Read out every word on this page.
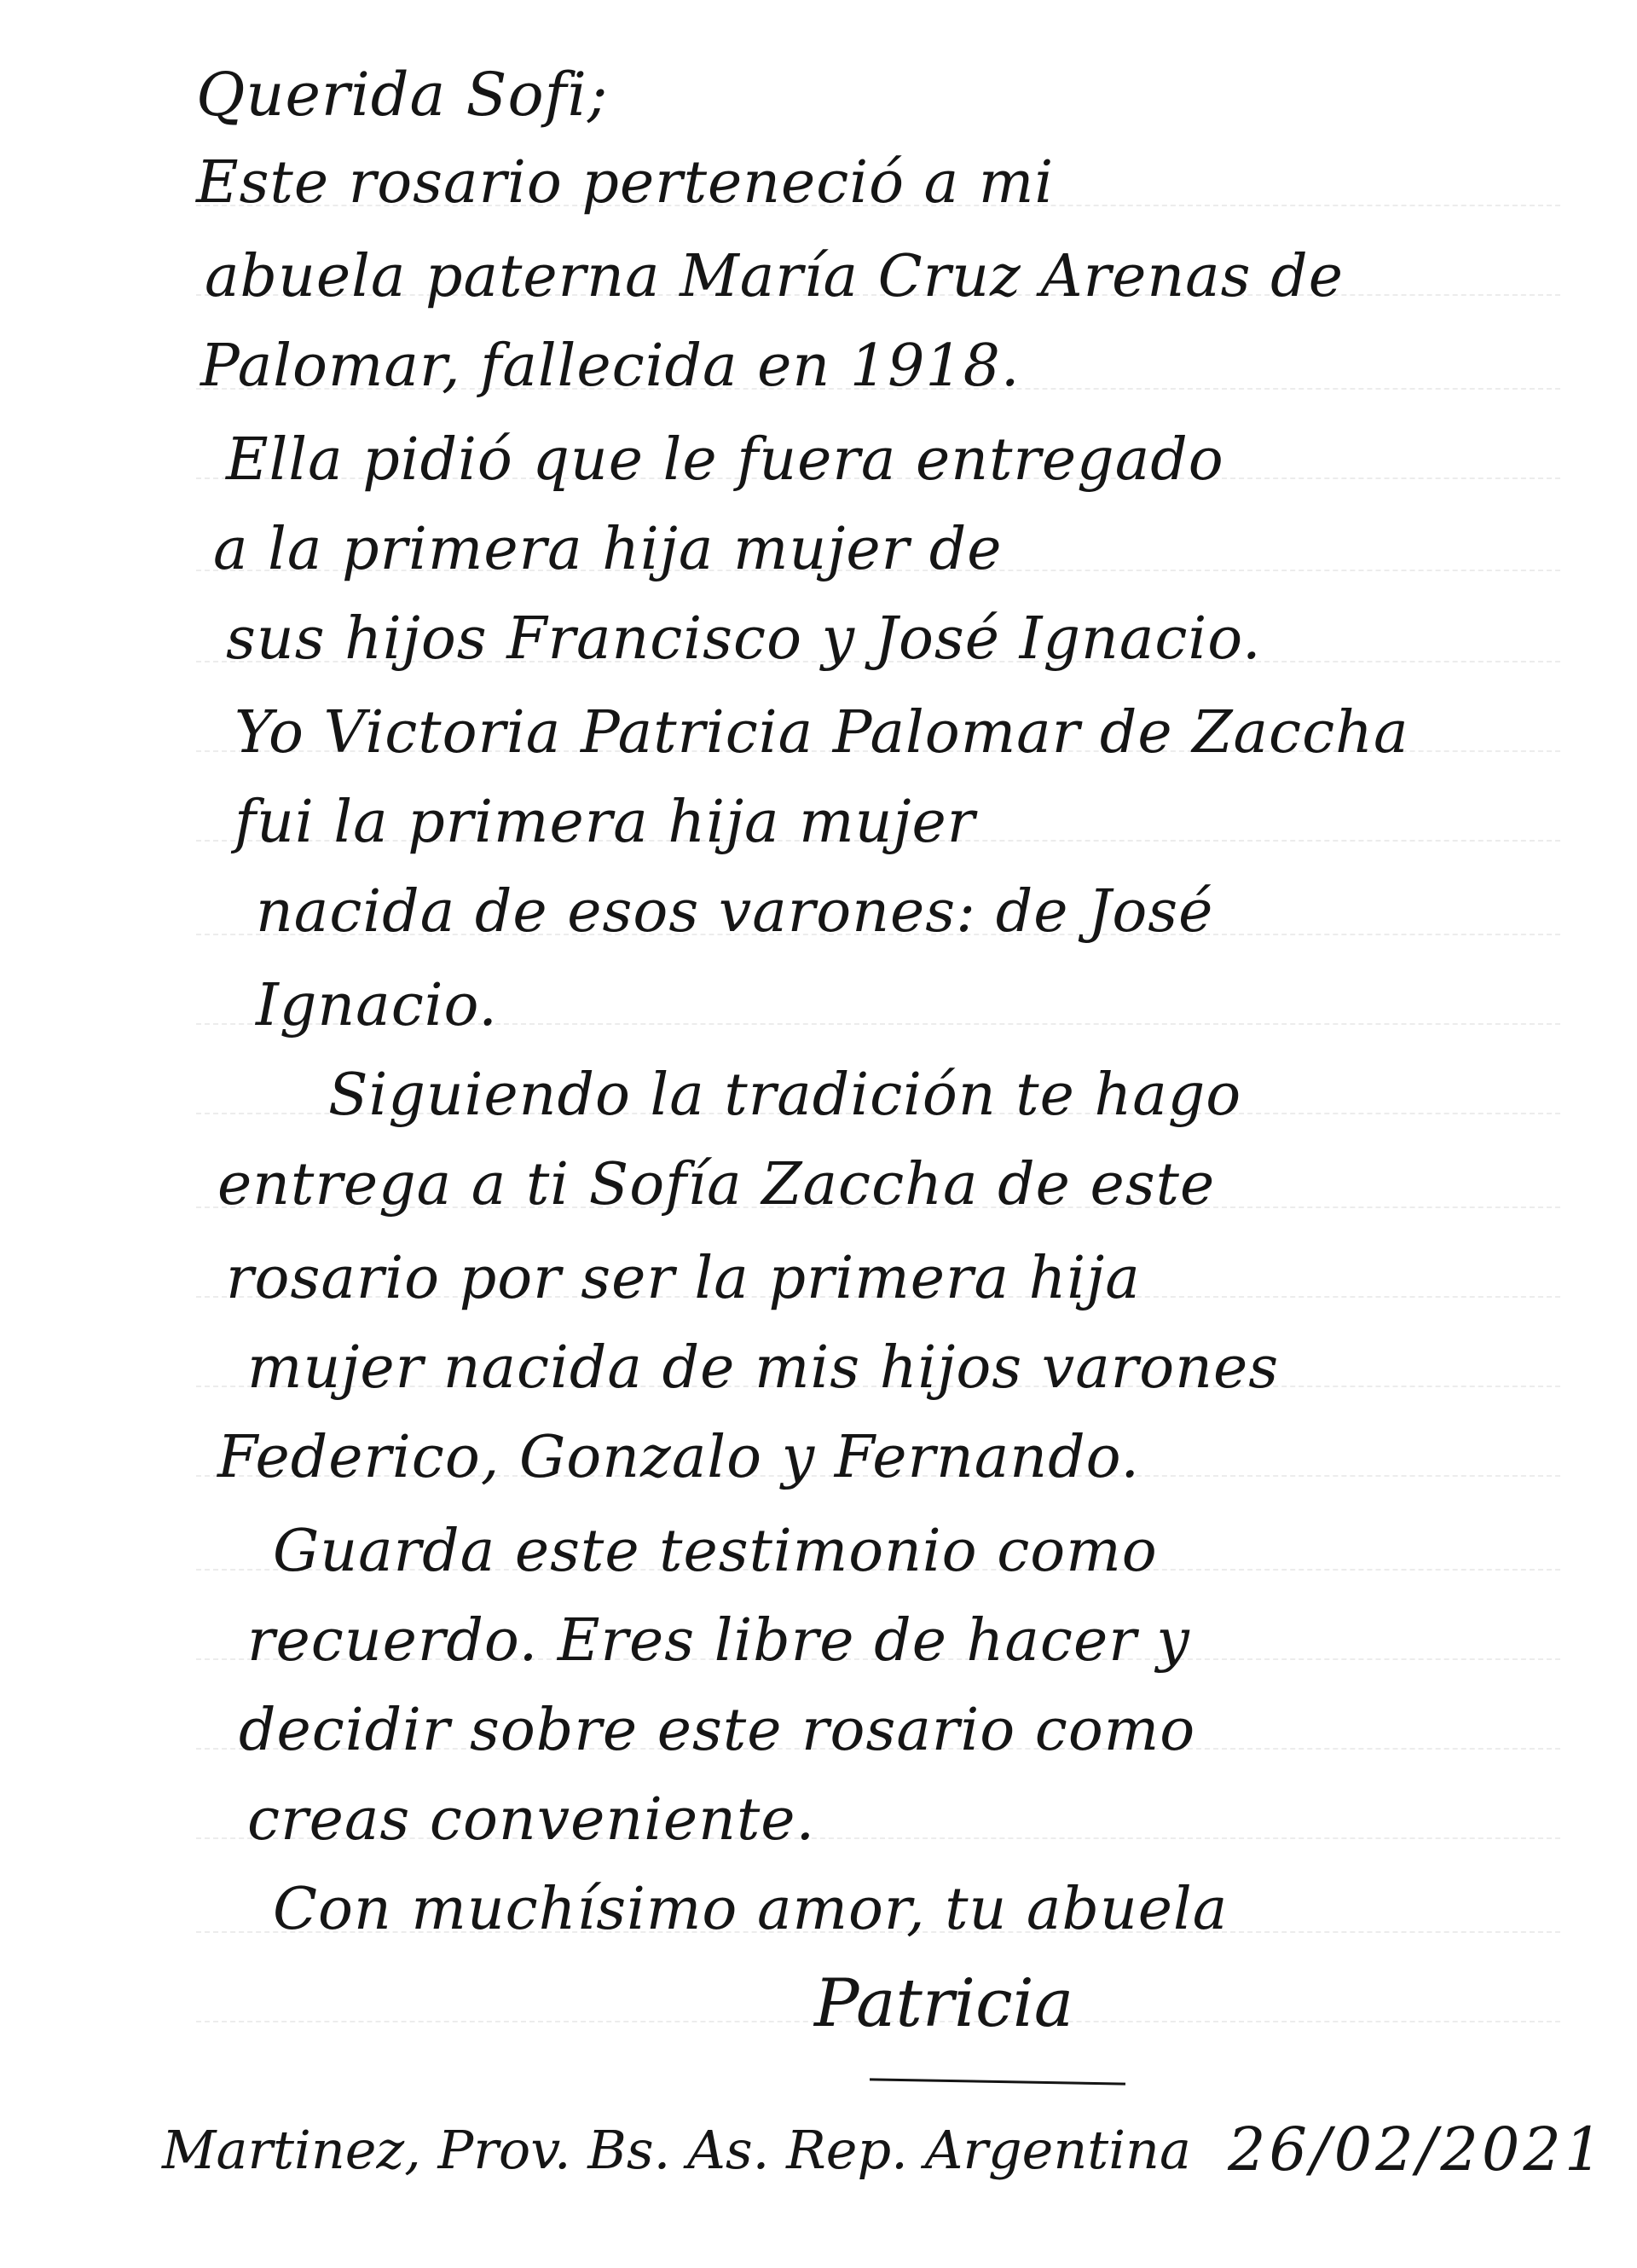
Querida Sofi;
Este rosario perteneció a mi
abuela paterna María Cruz Arenas de
Palomar, fallecida en 1918.
Ella pidió que le fuera entregado
a la primera hija mujer de
sus hijos Francisco y José Ignacio.
Yo Victoria Patricia Palomar de Zaccha
fui la primera hija mujer
nacida de esos varones: de José
Ignacio.
Siguiendo la tradición te hago
entrega a ti Sofía Zaccha de este
rosario por ser la primera hija
mujer nacida de mis hijos varones
Federico, Gonzalo y Fernando.
Guarda este testimonio como
recuerdo. Eres libre de hacer y
decidir sobre este rosario como
creas conveniente.
Con muchísimo amor, tu abuela
Patricia
Martinez, Prov. Bs. As. Rep. Argentina 26/02/2021
